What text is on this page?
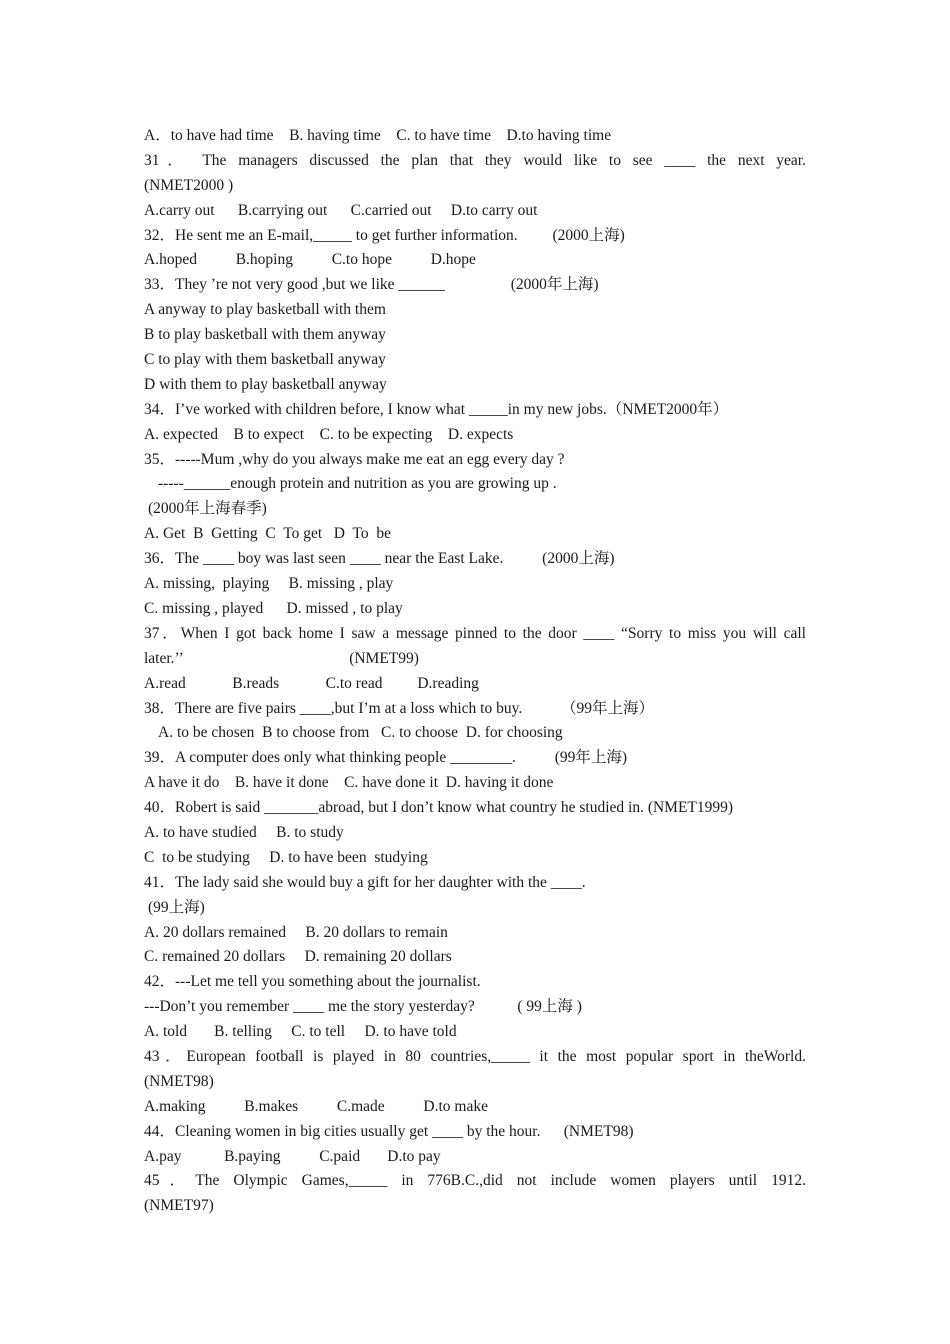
A．to have had time    B. having time    C. to have time    D.to having time
31． The managers discussed the plan that they would like to see ____ the next year.
(NMET2000 )
A.carry out      B.carrying out      C.carried out     D.to carry out
32．He sent me an E-mail,_____ to get further information.         (2000上海)
A.hoped          B.hoping          C.to hope          D.hope
33．They ’re not very good ,but we like ______                 (2000年上海)
A anyway to play basketball with them
B to play basketball with them anyway
C to play with them basketball anyway
D with them to play basketball anyway
34．I’ve worked with children before, I know what _____in my new jobs.（NMET2000年）
A. expected    B to expect    C. to be expecting    D. expects
35．-----Mum ,why do you always make me eat an egg every day ?
-----______enough protein and nutrition as you are growing up .
(2000年上海春季)
A. Get  B  Getting  C  To get   D  To  be
36．The ____ boy was last seen ____ near the East Lake.          (2000上海)
A. missing,  playing     B. missing , play
C. missing , played      D. missed , to play
37．When I got back home I saw a message pinned to the door ____ “Sorry to miss you will call
later.’’                                           (NMET99)
A.read            B.reads            C.to read         D.reading
38．There are five pairs ____,but I’m at a loss which to buy.          （99年上海）
A. to be chosen  B to choose from   C. to choose  D. for choosing
39．A computer does only what thinking people ________.          (99年上海)
A have it do    B. have it done    C. have done it  D. having it done
40．Robert is said _______abroad, but I don’t know what country he studied in. (NMET1999)
A. to have studied     B. to study
C  to be studying     D. to have been  studying
41．The lady said she would buy a gift for her daughter with the ____.
(99上海)
A. 20 dollars remained     B. 20 dollars to remain
C. remained 20 dollars     D. remaining 20 dollars
42．---Let me tell you something about the journalist.
---Don’t you remember ____ me the story yesterday?           ( 99上海 )
A. told       B. telling     C. to tell     D. to have told
43．European football is played in 80 countries,_____ it the most popular sport in theWorld.
(NMET98)
A.making          B.makes          C.made          D.to make
44．Cleaning women in big cities usually get ____ by the hour.      (NMET98)
A.pay           B.paying          C.paid       D.to pay
45．The Olympic Games,_____ in 776B.C.,did not include women players until 1912.
(NMET97)
